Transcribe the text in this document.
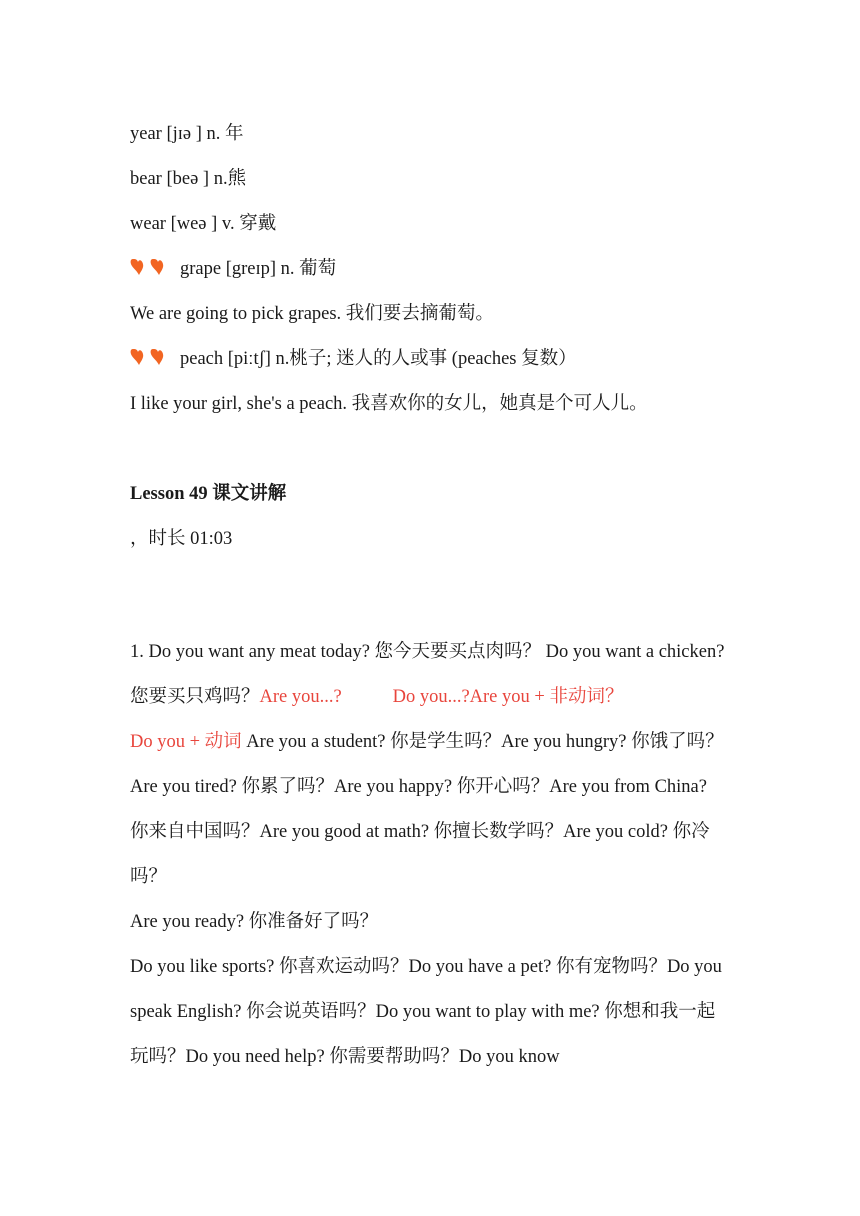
year [jɪə ] n. 年
bear [beə ] n.熊
wear [weə ] v. 穿戴
grape [greɪp] n. 葡萄
We are going to pick grapes. 我们要去摘葡萄。
peach [piːtʃ] n.桃子; 迷人的人或事 (peaches 复数）
I like your girl, she's a peach. 我喜欢你的女儿，她真是个可人儿。
Lesson 49 课文讲解
，时长 01:03
1. Do you want any meat today? 您今天要买点肉吗？ Do you want a chicken? 您要买只鸡吗？Are you...?	Do you...?Are you + 非动词？
Do you + 动词 Are you a student? 你是学生吗？Are you hungry? 你饿了吗？Are you tired? 你累了吗？Are you happy? 你开心吗？Are you from China? 你来自中国吗？Are you good at math? 你擅长数学吗？Are you cold? 你冷吗？
Are you ready? 你准备好了吗？
Do you like sports? 你喜欢运动吗？Do you have a pet? 你有宠物吗？Do you speak English? 你会说英语吗？Do you want to play with me? 你想和我一起玩吗？Do you need help? 你需要帮助吗？Do you know
